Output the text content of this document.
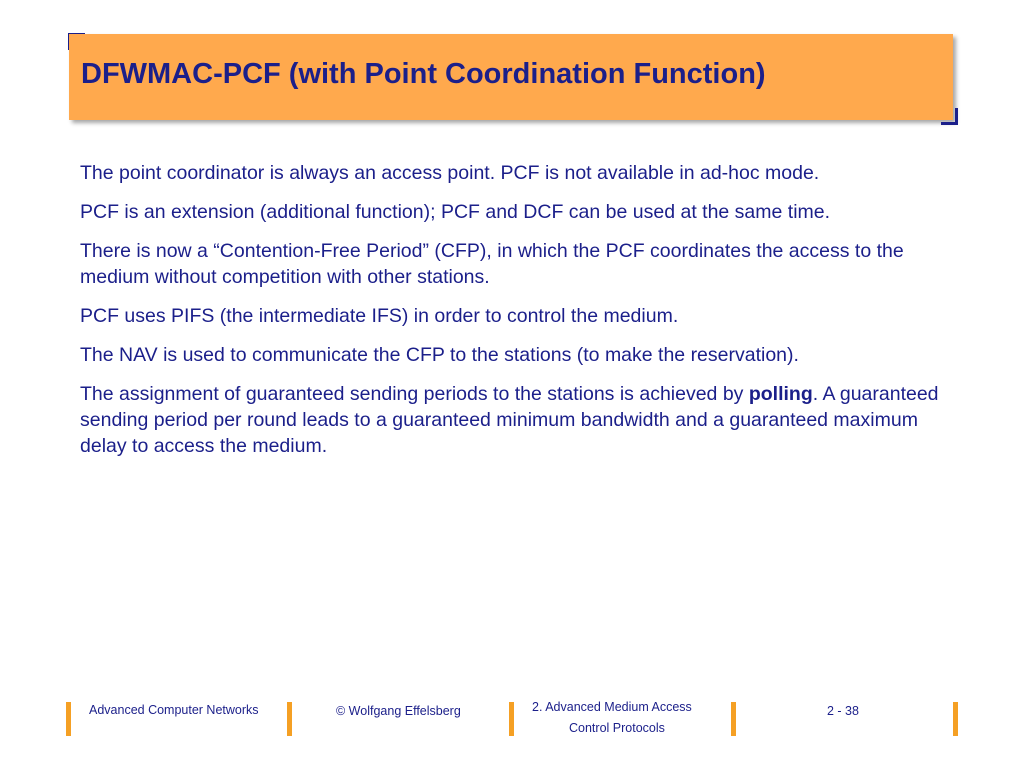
DFWMAC-PCF (with Point Coordination Function)

The point coordinator is always an access point. PCF is not available in ad-hoc mode.

PCF is an extension (additional function); PCF and DCF can be used at the same time.

There is now a “Contention-Free Period” (CFP), in which the PCF coordinates the access to the medium without competition with other stations.

PCF uses PIFS (the intermediate IFS) in order to control the medium.

The NAV is used to communicate the CFP to the stations (to make the reservation).

The assignment of guaranteed sending periods to the stations is achieved by polling. A guaranteed sending period per round leads to a guaranteed minimum bandwidth and a guaranteed maximum delay to access the medium.

Advanced Computer Networks	© Wolfgang Effelsberg	2. Advanced Medium Access
Control Protocols
2 - 38
